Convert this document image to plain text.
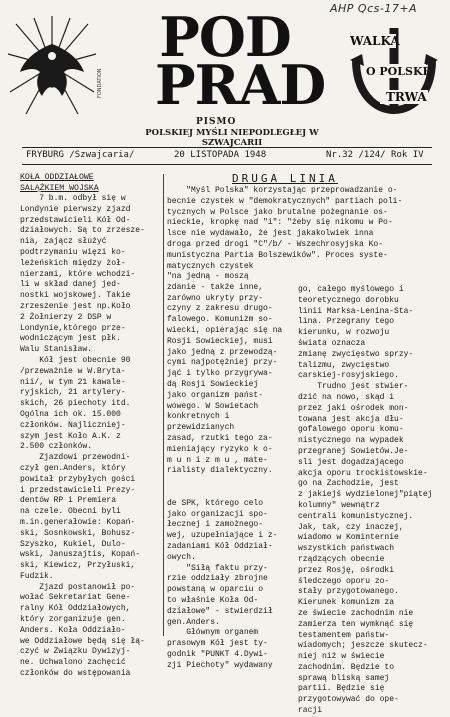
AHP Qcs-17+A
FONDATION
POD
PRAD
PISMO
POLSKIEJ MYŚLI NIEPODLEGŁEJ W SZWAJCARII
WALKA
O POLSKĘ
TRWA
FRYBURG /Szwajcaria/	20 LISTOPADA 1948	Nr.32 /124/ Rok IV
KOŁA ODDZIAŁOWE
SALĄŻKIEM WOJSKA
7 b.m. odbył się w
Londynie pierwszy zjazd
przedstawicieli Kół Od-
działowych. Są to zrzesze-
nia, zającz służyć
podtrzymaniu więzi ko-
leżeńskich między żoł-
nierzami, które wchodzi-
li w skład danej jed-
nostki wojskowej. Takie
zrzeszenie jest np.Koło
2 Żołnierzy 2 DSP w
Londynie,którego prze-
wodniczącym jest płk.
Walu Stanisław.
Kół jest obecnie 90
/przeważnie w W.Bryta-
nii/, w tym 21 kawale-
ryjskich, 21 artylery-
skich, 26 piechoty itd.
Ogólna ich ok. 15.000
członków. Najliczniej-
szym jest Koło A.K. z
2.500 członków.
Zjazdowi przewodni-
czył gen.Anders, który
powitał przybyłych gości
i przedstawicieli Prezy-
dentów RP i Premiera
na czele. Obecni byli
m.in.generałowie: Kopań-
ski, Sosnkowski, Bohusz-
Szyszko, Kukiel, Dulo-
wski, Januszajtis, Kopań-
ski, Kiewicz, Przyłuski,
Fudzik.
Zjazd postanowił po-
wołać Sekretariat Gene-
ralny Kół Oddziałowych,
który zorganizuje gen.
Anders. Koła Oddziało-
we Oddziałowe będą się łą-
czyć w Związku Dywizyj-
ne. Uchwalono zachęcić
członków do wstępowania
DRUGA LINIA
"Myśl Polska" korzystając przeprowadzanie o-
becnie czystek w "demokratycznych" partiach poli-
tycznych w Polsce jako brutalne pożegnanie os-
nieckie, kropkę nad "i": "żeby się nikomu w Po-
lsce nie wydawało, że jest jakakolwiek inna
droga przed drogi "C"/b/ - Wszechrosyjska Ko-
munistyczna Partia Bolszewików". Proces syste-
matycznych czystek
"na jedną - moszą
zdanie - także inne,
zarówno ukryty przy-
czyny z zakresu drugo-
falowego. Komunizm so-
wiecki, opierając się na
Rosji Sowieckiej, musi
jako jedną z przewodzą-
cymi najpotężniej przy-
jąć i tylko przygrywa-
dą Rosji Sowieckiej
jako organizm państ-
wowego. W Sowietach
konkretnych i przewidzianych
zasad, rzutki tego za-
mieniający ryzyko k o-
m u n i z m u , mate-
rialisty dialektyczny.

de SPK, którego celo
jako organizacji spo-
łecznej i zamożnego-
wej, uzupełniające i z-
zadaniami Kół Oddział-
owych.
"Siłą faktu przy-
rzie oddziały zbrojne
powstaną w oparciu o
to właśnie Koła Od-
działowe" - stwierdził
gen.Anders.
Głównym organem
prasowym Kół jest ty-
godnik "PUNKT 4.Dywi-
zji Piechoty" wydawany
go, całego myślowego i
teoretycznego dorobku
linii Marksa-Lenina-Sta-
lina. Przegrany tego
kierunku, w rozwoju
świata oznacza
zmianę zwycięstwo sprzy-
talizmu, zwycięstwo
carskiej-rosyjskiego.
Trudno jest stwier-
dzić na nowo, skąd i
przez jaki ośrodek mon-
towana jest akcja dłu-
gofalowego oporu komu-
nistycznego na wypadek
przegranej Sowietów.Je-
sli jest dogadzającego
akcja oporu trockistowskie-
go na Zachodzie, jest
z jakiejś wydzielonej"piątej
kolumny" wewnątrz
centrali komunistycznej.
Jak, tak, czy inaczej,
wiadomo w Kominternie
wszystkich państwach
rządzących obecnie
przez Rosję, ośrodki
śledczego oporu zo-
stały przygotowanego.
Kierunek komunizm za
ze świecie zachodnim nie
zamierza ten wymknąć się
testamentem państw-
wiadomych; jeszcze skutecz-
niej niż w świecie
zachodnim. Będzie to
sprawą bliską samej
partii. Będzie się
przygotowywać do ope-
racji
